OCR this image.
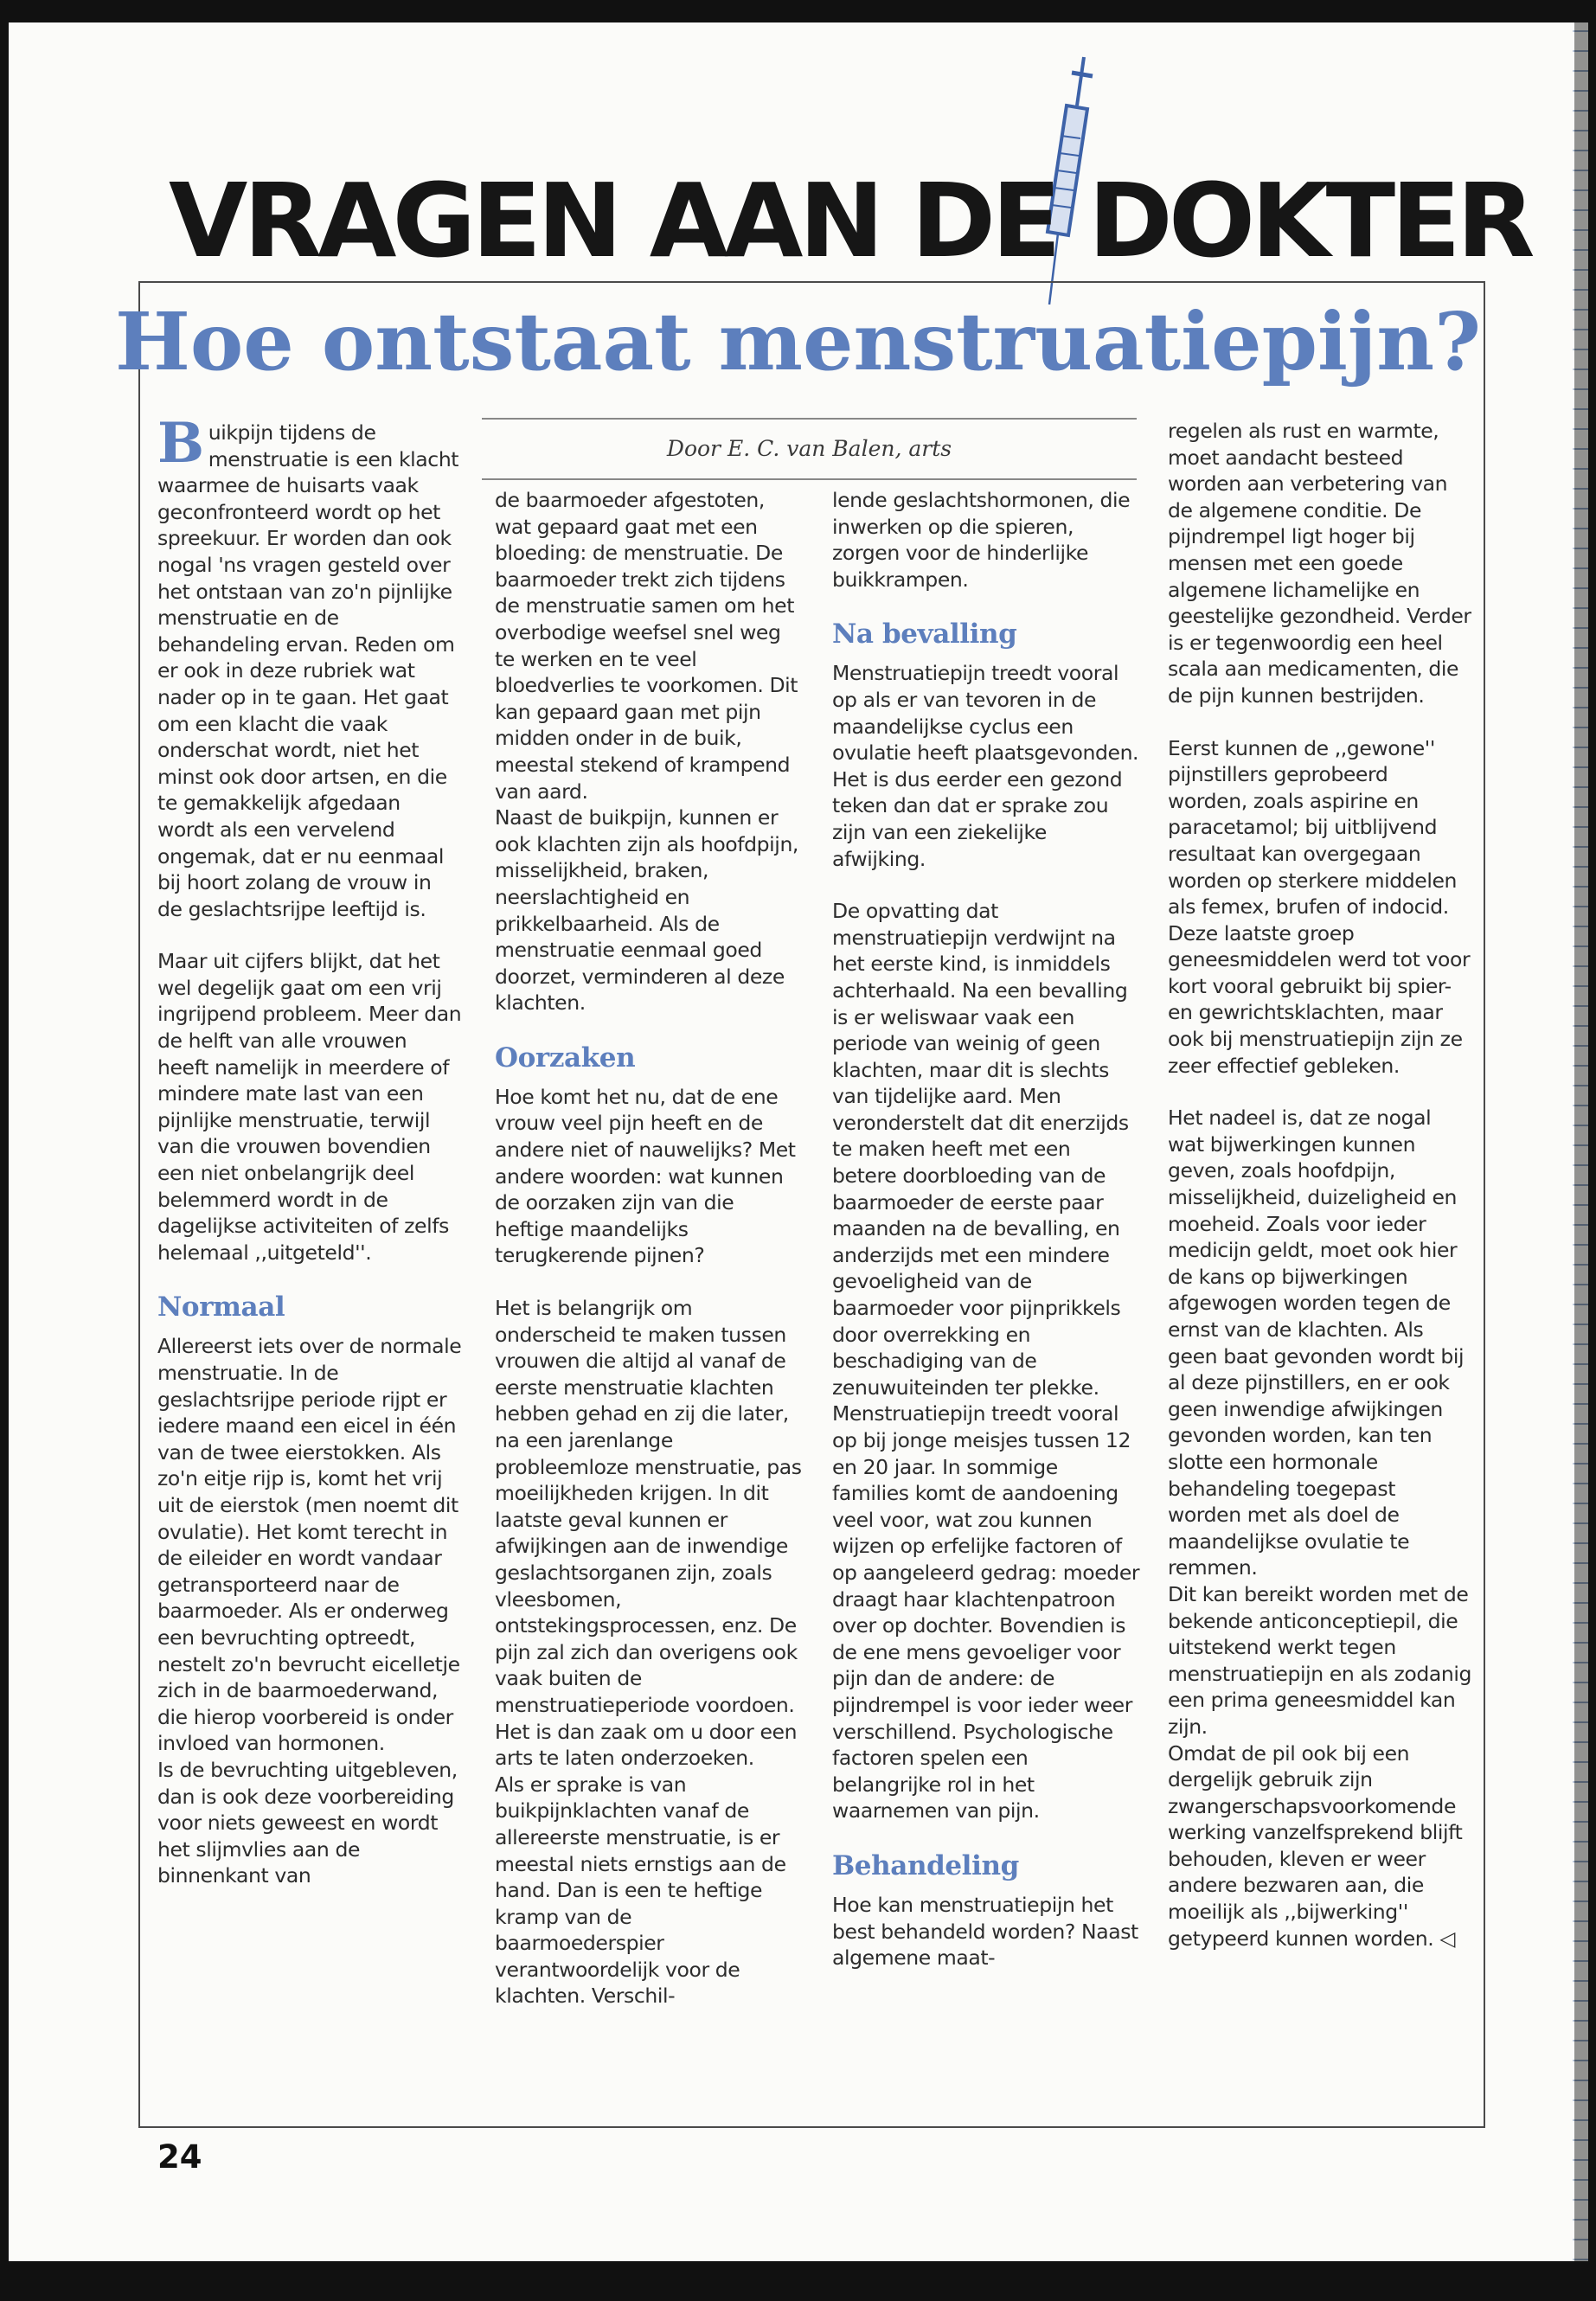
VRAGEN AAN DE DOKTER
Hoe ontstaat menstruatiepijn?
Door E. C. van Balen, arts

Buikpijn tijdens de menstruatie is een klacht waarmee de huisarts vaak geconfronteerd wordt op het spreekuur. Er worden dan ook nogal 'ns vragen gesteld over het ontstaan van zo'n pijnlijke menstruatie en de behandeling ervan. Reden om er ook in deze rubriek wat nader op in te gaan. Het gaat om een klacht die vaak onderschat wordt, niet het minst ook door artsen, en die te gemakkelijk afgedaan wordt als een vervelend ongemak, dat er nu eenmaal bij hoort zolang de vrouw in de geslachtsrijpe leeftijd is.

Maar uit cijfers blijkt, dat het wel degelijk gaat om een vrij ingrijpend probleem. Meer dan de helft van alle vrouwen heeft namelijk in meerdere of mindere mate last van een pijnlijke menstruatie, terwijl van die vrouwen bovendien een niet onbelangrijk deel belemmerd wordt in de dagelijkse activiteiten of zelfs helemaal ,,uitgeteld''.

Normaal

Allereerst iets over de normale menstruatie. In de geslachtsrijpe periode rijpt er iedere maand een eicel in één van de twee eierstokken. Als zo'n eitje rijp is, komt het vrij uit de eierstok (men noemt dit ovulatie). Het komt terecht in de eileider en wordt vandaar getransporteerd naar de baarmoeder. Als er onderweg een bevruchting optreedt, nestelt zo'n bevrucht eicelletje zich in de baarmoederwand, die hierop voorbereid is onder invloed van hormonen.

Is de bevruchting uitgebleven, dan is ook deze voorbereiding voor niets geweest en wordt het slijmvlies aan de binnenkant van

de baarmoeder afgestoten, wat gepaard gaat met een bloeding: de menstruatie. De baarmoeder trekt zich tijdens de menstruatie samen om het overbodige weefsel snel weg te werken en te veel bloedverlies te voorkomen. Dit kan gepaard gaan met pijn midden onder in de buik, meestal stekend of krampend van aard.

Naast de buikpijn, kunnen er ook klachten zijn als hoofdpijn, misselijkheid, braken, neerslachtigheid en prikkelbaarheid. Als de menstruatie eenmaal goed doorzet, verminderen al deze klachten.

Oorzaken

Hoe komt het nu, dat de ene vrouw veel pijn heeft en de andere niet of nauwelijks? Met andere woorden: wat kunnen de oorzaken zijn van die heftige maandelijks terugkerende pijnen?

Het is belangrijk om onderscheid te maken tussen vrouwen die altijd al vanaf de eerste menstruatie klachten hebben gehad en zij die later, na een jarenlange probleemloze menstruatie, pas moeilijkheden krijgen. In dit laatste geval kunnen er afwijkingen aan de inwendige geslachtsorganen zijn, zoals vleesbomen, ontstekingsprocessen, enz. De pijn zal zich dan overigens ook vaak buiten de menstruatieperiode voordoen. Het is dan zaak om u door een arts te laten onderzoeken.

Als er sprake is van buikpijnklachten vanaf de allereerste menstruatie, is er meestal niets ernstigs aan de hand. Dan is een te heftige kramp van de baarmoederspier verantwoordelijk voor de klachten. Verschil-

lende geslachtshormonen, die inwerken op die spieren, zorgen voor de hinderlijke buikkrampen.

Na bevalling

Menstruatiepijn treedt vooral op als er van tevoren in de maandelijkse cyclus een ovulatie heeft plaatsgevonden. Het is dus eerder een gezond teken dan dat er sprake zou zijn van een ziekelijke afwijking.

De opvatting dat menstruatiepijn verdwijnt na het eerste kind, is inmiddels achterhaald. Na een bevalling is er weliswaar vaak een periode van weinig of geen klachten, maar dit is slechts van tijdelijke aard. Men veronderstelt dat dit enerzijds te maken heeft met een betere doorbloeding van de baarmoeder de eerste paar maanden na de bevalling, en anderzijds met een mindere gevoeligheid van de baarmoeder voor pijnprikkels door overrekking en beschadiging van de zenuwuiteinden ter plekke.

Menstruatiepijn treedt vooral op bij jonge meisjes tussen 12 en 20 jaar. In sommige families komt de aandoening veel voor, wat zou kunnen wijzen op erfelijke factoren of op aangeleerd gedrag: moeder draagt haar klachtenpatroon over op dochter. Bovendien is de ene mens gevoeliger voor pijn dan de andere: de pijndrempel is voor ieder weer verschillend. Psychologische factoren spelen een belangrijke rol in het waarnemen van pijn.

Behandeling

Hoe kan menstruatiepijn het best behandeld worden? Naast algemene maat-

regelen als rust en warmte, moet aandacht besteed worden aan verbetering van de algemene conditie. De pijndrempel ligt hoger bij mensen met een goede algemene lichamelijke en geestelijke gezondheid. Verder is er tegenwoordig een heel scala aan medicamenten, die de pijn kunnen bestrijden.

Eerst kunnen de ,,gewone'' pijnstillers geprobeerd worden, zoals aspirine en paracetamol; bij uitblijvend resultaat kan overgegaan worden op sterkere middelen als femex, brufen of indocid. Deze laatste groep geneesmiddelen werd tot voor kort vooral gebruikt bij spier- en gewrichtsklachten, maar ook bij menstruatiepijn zijn ze zeer effectief gebleken.

Het nadeel is, dat ze nogal wat bijwerkingen kunnen geven, zoals hoofdpijn, misselijkheid, duizeligheid en moeheid. Zoals voor ieder medicijn geldt, moet ook hier de kans op bijwerkingen afgewogen worden tegen de ernst van de klachten. Als geen baat gevonden wordt bij al deze pijnstillers, en er ook geen inwendige afwijkingen gevonden worden, kan ten slotte een hormonale behandeling toegepast worden met als doel de maandelijkse ovulatie te remmen.

Dit kan bereikt worden met de bekende anticonceptiepil, die uitstekend werkt tegen menstruatiepijn en als zodanig een prima geneesmiddel kan zijn.

Omdat de pil ook bij een dergelijk gebruik zijn zwangerschapsvoorkomende werking vanzelfsprekend blijft behouden, kleven er weer andere bezwaren aan, die moeilijk als ,,bijwerking'' getypeerd kunnen worden. ◁

24
